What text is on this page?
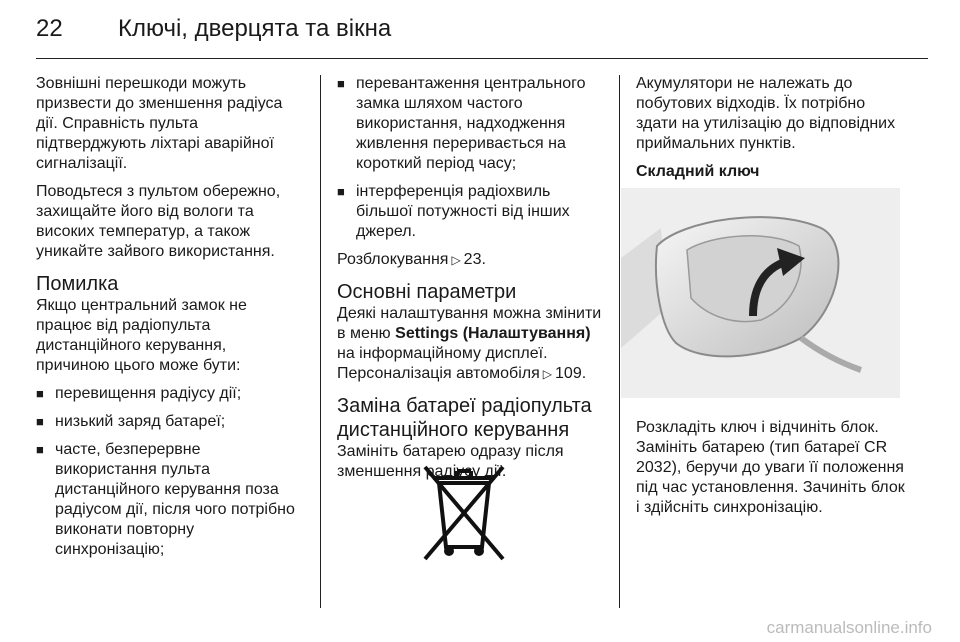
22 Ключі, дверцята та вікна

Зовнішні перешкоди можуть призвести до зменшення радіуса дії. Справність пульта підтверджують ліхтарі аварійної сигналізації.

Поводьтеся з пультом обережно, захищайте його від вологи та високих температур, а також уникайте зайвого використання.

Помилка

Якщо центральний замок не працює від радіопульта дистанційного керування, причиною цього може бути:

■ перевищення радіусу дії;
■ низький заряд батареї;
■ часте, безперервне використання пульта дистанційного керування поза радіусом дії, після чого потрібно виконати повторну синхронізацію;
■ перевантаження центрального замка шляхом частого використання, надходження живлення переривається на короткий період часу;
■ інтерференція радіохвиль більшої потужності від інших джерел.

Розблокування ▷ 23.

Основні параметри

Деякі налаштування можна змінити в меню Settings (Налаштування) на інформаційному дисплеї.

Персоналізація автомобіля ▷ 109.

Заміна батареї радіопульта дистанційного керування

Замініть батарею одразу після зменшення радіусу дії.

Акумулятори не належать до побутових відходів. Їх потрібно здати на утилізацію до відповідних приймальних пунктів.

Складний ключ

Розкладіть ключ і відчиніть блок. Замініть батарею (тип батареї CR 2032), беручи до уваги її положення під час установлення. Зачиніть блок і здійсніть синхронізацію.

carmanualsonline.info
